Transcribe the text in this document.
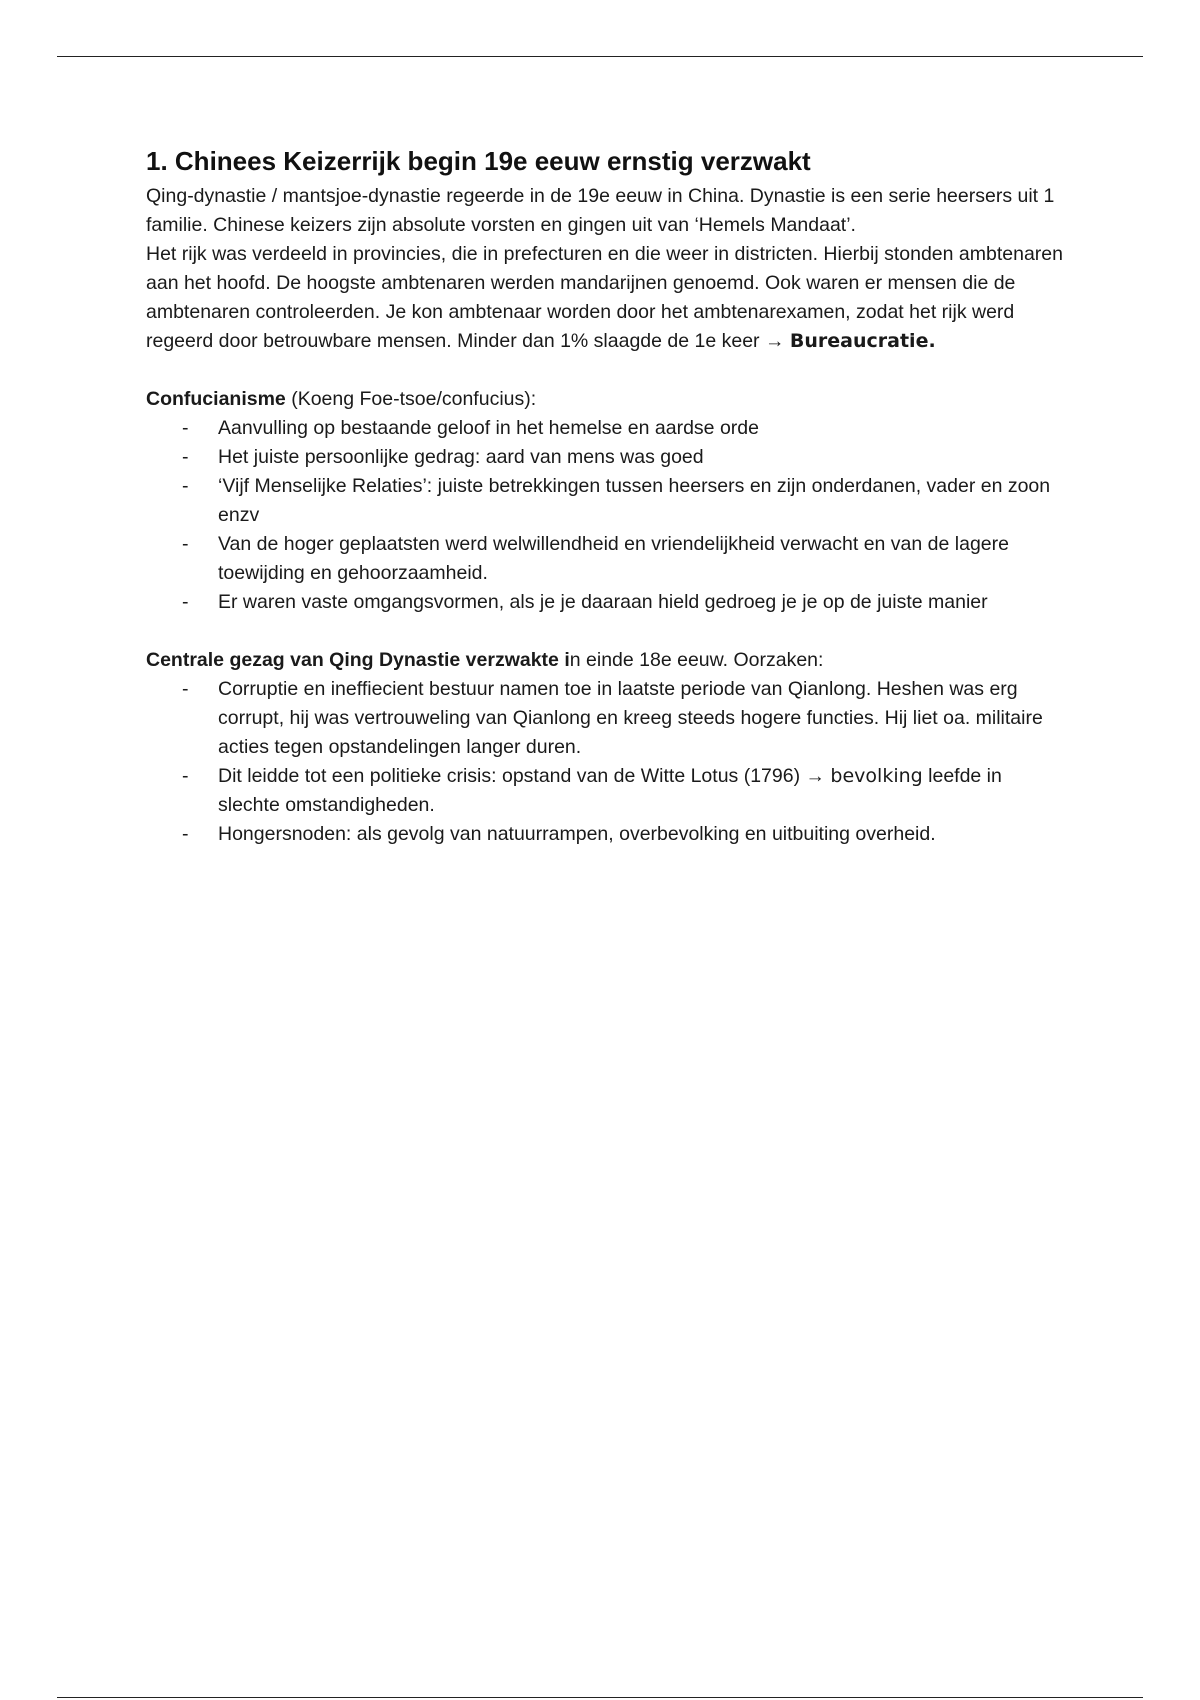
1. Chinees Keizerrijk begin 19e eeuw ernstig verzwakt

Qing-dynastie / mantsjoe-dynastie regeerde in de 19e eeuw in China. Dynastie is een serie heersers uit 1 familie. Chinese keizers zijn absolute vorsten en gingen uit van ‘Hemels Mandaat’.

Het rijk was verdeeld in provincies, die in prefecturen en die weer in districten. Hierbij stonden ambtenaren aan het hoofd. De hoogste ambtenaren werden mandarijnen genoemd. Ook waren er mensen die de ambtenaren controleerden. Je kon ambtenaar worden door het ambtenarexamen, zodat het rijk werd regeerd door betrouwbare mensen. Minder dan 1% slaagde de 1e keer → Bureaucratie.

Confucianisme (Koeng Foe-tsoe/confucius):

- Aanvulling op bestaande geloof in het hemelse en aardse orde
- Het juiste persoonlijke gedrag: aard van mens was goed
- ‘Vijf Menselijke Relaties’: juiste betrekkingen tussen heersers en zijn onderdanen, vader en zoon enzv
- Van de hoger geplaatsten werd welwillendheid en vriendelijkheid verwacht en van de lagere toewijding en gehoorzaamheid.
- Er waren vaste omgangsvormen, als je je daaraan hield gedroeg je je op de juiste manier

Centrale gezag van Qing Dynastie verzwakte in einde 18e eeuw. Oorzaken:

- Corruptie en ineffiecient bestuur namen toe in laatste periode van Qianlong. Heshen was erg corrupt, hij was vertrouweling van Qianlong en kreeg steeds hogere functies. Hij liet oa. militaire acties tegen opstandelingen langer duren.
- Dit leidde tot een politieke crisis: opstand van de Witte Lotus (1796) → bevolking leefde in slechte omstandigheden.
- Hongersnoden: als gevolg van natuurrampen, overbevolking en uitbuiting overheid.
